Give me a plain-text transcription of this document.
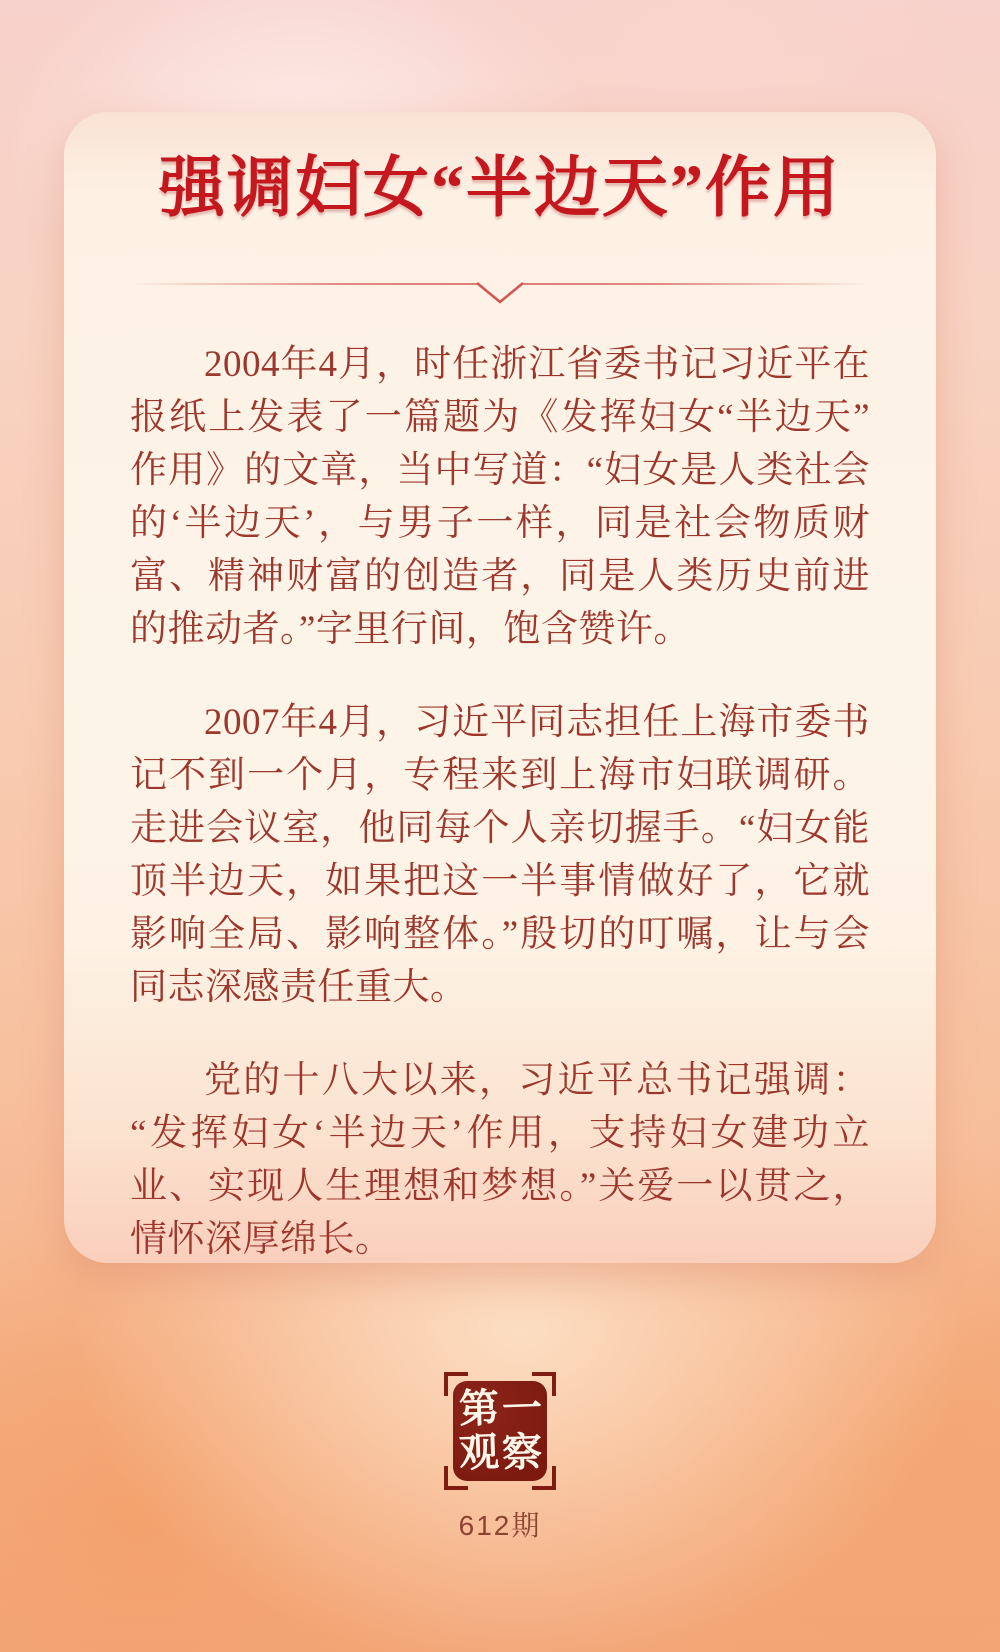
强调妇女“半边天”作用

2004年4月，时任浙江省委书记习近平在报纸上发表了一篇题为《发挥妇女“半边天”作用》的文章，当中写道：“妇女是人类社会的‘半边天’，与男子一样，同是社会物质财富、精神财富的创造者，同是人类历史前进的推动者。”字里行间，饱含赞许。

2007年4月，习近平同志担任上海市委书记不到一个月，专程来到上海市妇联调研。走进会议室，他同每个人亲切握手。“妇女能顶半边天，如果把这一半事情做好了，它就影响全局、影响整体。”殷切的叮嘱，让与会同志深感责任重大。

党的十八大以来，习近平总书记强调：“发挥妇女‘半边天’作用，支持妇女建功立业、实现人生理想和梦想。”关爱一以贯之，情怀深厚绵长。

第 一
观 察
612期
